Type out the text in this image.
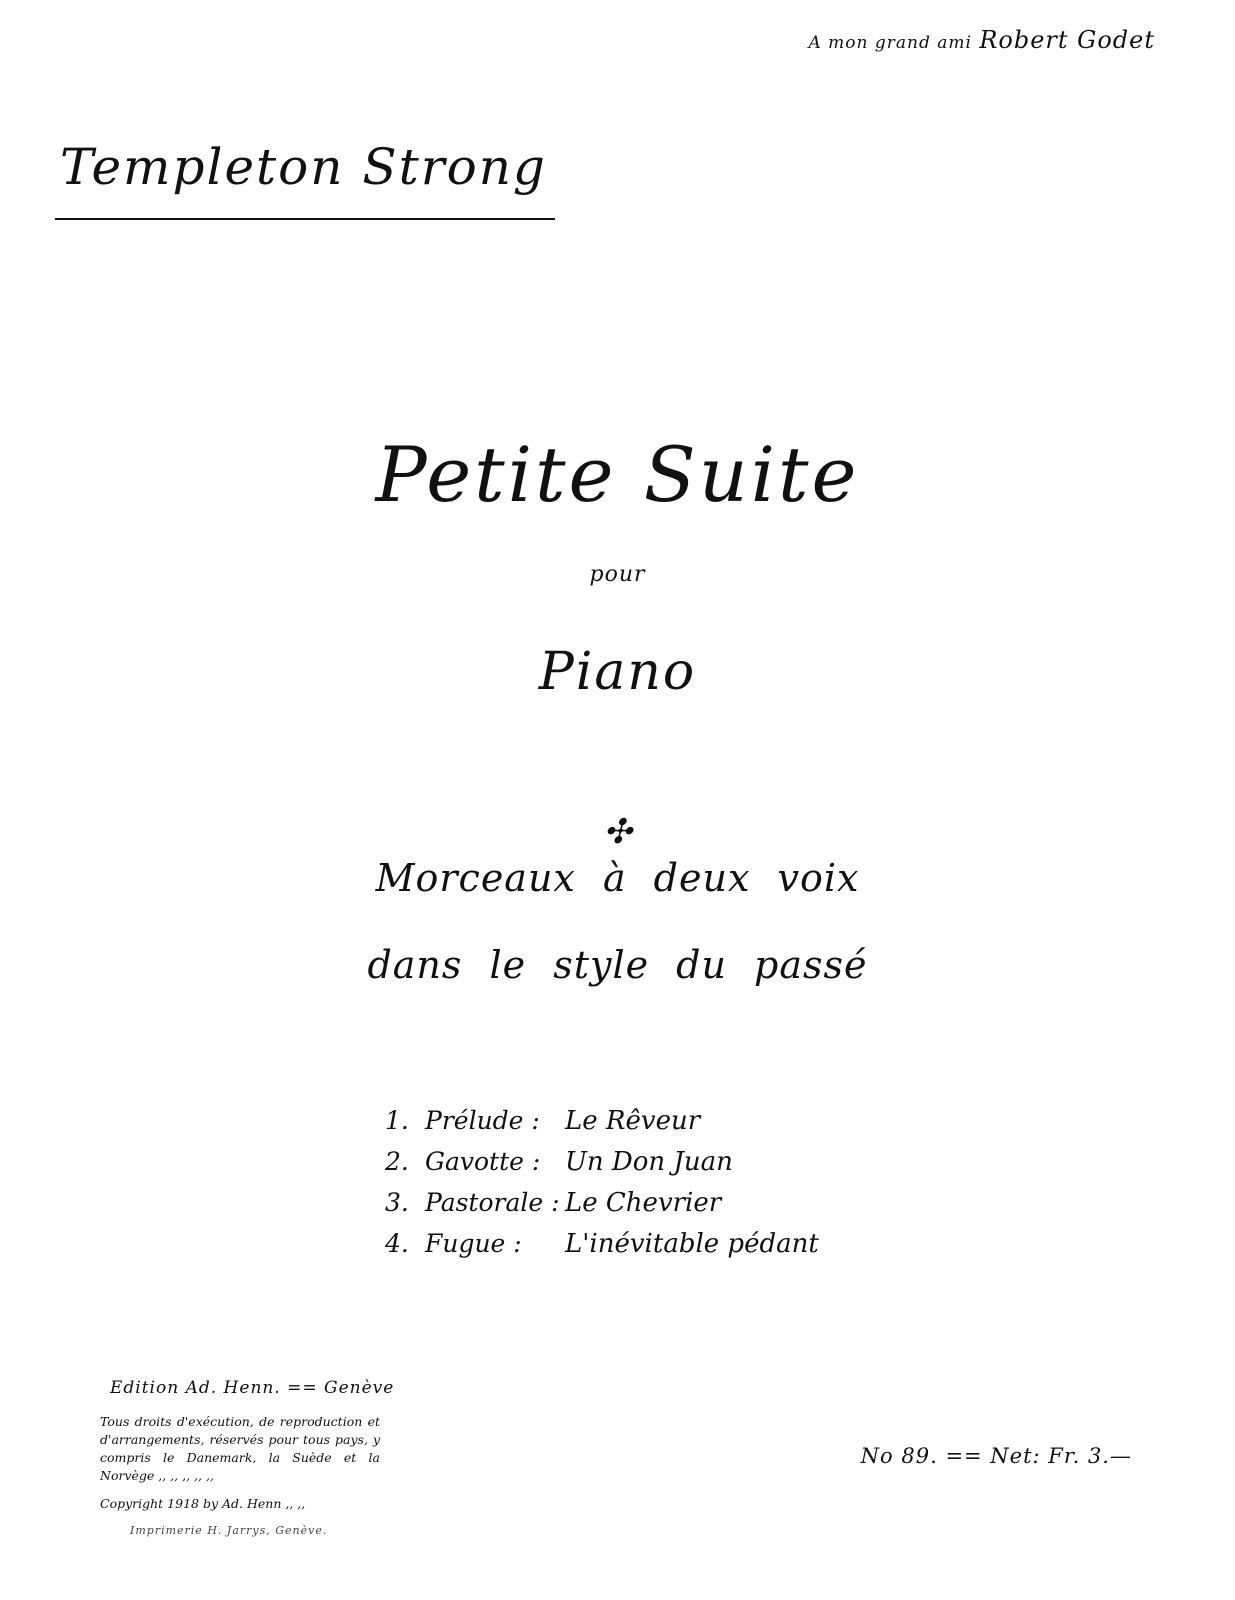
A mon grand ami Robert Godet
Templeton Strong
Petite Suite
pour
Piano
✣
Morceaux à deux voix
dans le style du passé
1. Prélude : Le Rêveur
2. Gavotte : Un Don Juan
3. Pastorale : Le Chevrier
4. Fugue : L'inévitable pédant
Edition Ad. Henn. == Genève
Tous droits d'exécution, de reproduction et d'arrangements, réservés pour tous pays, y compris le Danemark, la Suède et la Norvège ,, ,, ,, ,, ,,
Copyright 1918 by Ad. Henn ,, ,,
Imprimerie H. Jarrys, Genève.
No 89. == Net: Fr. 3.—
